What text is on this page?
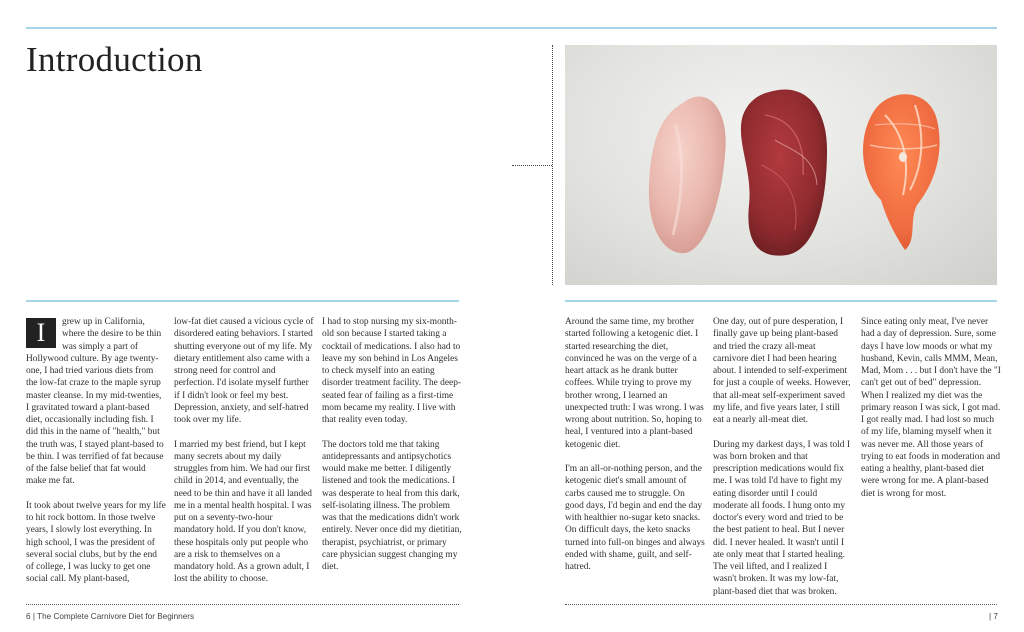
Introduction

I	grew up in California, where the desire to be thin was simply a part of Hollywood culture. By age twenty-one, I had tried various diets from the low-fat craze to the maple syrup master cleanse. In my mid-twenties, I gravitated toward a plant-based diet, occasionally including fish. I did this in the name of "health," but the truth was, I stayed plant-based to be thin. I was terrified of fat because of the false belief that fat would make me fat.

It took about twelve years for my life to hit rock bottom. In those twelve years, I slowly lost everything. In high school, I was the president of several social clubs, but by the end of college, I was lucky to get one social call. My plant-based,

low-fat diet caused a vicious cycle of disordered eating behaviors. I started shutting everyone out of my life. My dietary entitlement also came with a strong need for control and perfection. I'd isolate myself further if I didn't look or feel my best. Depression, anxiety, and self-hatred took over my life.

I married my best friend, but I kept many secrets about my daily struggles from him. We had our first child in 2014, and eventually, the need to be thin and have it all landed me in a mental health hospital. I was put on a seventy-two-hour mandatory hold. If you don't know, these hospitals only put people who are a risk to themselves on a mandatory hold. As a grown adult, I lost the ability to choose.

I had to stop nursing my six-month-old son because I started taking a cocktail of medications. I also had to leave my son behind in Los Angeles to check myself into an eating disorder treatment facility. The deep-seated fear of failing as a first-time mom became my reality. I live with that reality even today.

The doctors told me that taking antidepressants and antipsychotics would make me better. I diligently listened and took the medications. I was desperate to heal from this dark, self-isolating illness. The problem was that the medications didn't work entirely. Never once did my dietitian, therapist, psychiatrist, or primary care physician suggest changing my diet.

Around the same time, my brother started following a ketogenic diet. I started researching the diet, convinced he was on the verge of a heart attack as he drank butter coffees. While trying to prove my brother wrong, I learned an unexpected truth: I was wrong. I was wrong about nutrition. So, hoping to heal, I ventured into a plant-based ketogenic diet.

I'm an all-or-nothing person, and the ketogenic diet's small amount of carbs caused me to struggle. On good days, I'd begin and end the day with healthier no-sugar keto snacks. On difficult days, the keto snacks turned into full-on binges and always ended with shame, guilt, and self-hatred.

One day, out of pure desperation, I finally gave up being plant-based and tried the crazy all-meat carnivore diet I had been hearing about. I intended to self-experiment for just a couple of weeks. However, that all-meat self-experiment saved my life, and five years later, I still eat a nearly all-meat diet.

During my darkest days, I was told I was born broken and that prescription medications would fix me. I was told I'd have to fight my eating disorder until I could moderate all foods. I hung onto my doctor's every word and tried to be the best patient to heal. But I never did. I never healed. It wasn't until I ate only meat that I started healing. The veil lifted, and I realized I wasn't broken. It was my low-fat, plant-based diet that was broken.

Since eating only meat, I've never had a day of depression. Sure, some days I have low moods or what my husband, Kevin, calls MMM, Mean, Mad, Mom . . . but I don't have the "I can't get out of bed" depression. When I realized my diet was the primary reason I was sick, I got mad. I got really mad. I had lost so much of my life, blaming myself when it was never me. All those years of trying to eat foods in moderation and eating a healthy, plant-based diet were wrong for me. A plant-based diet is wrong for most.

6 | The Complete Carnivore Diet for Beginners	| 7
